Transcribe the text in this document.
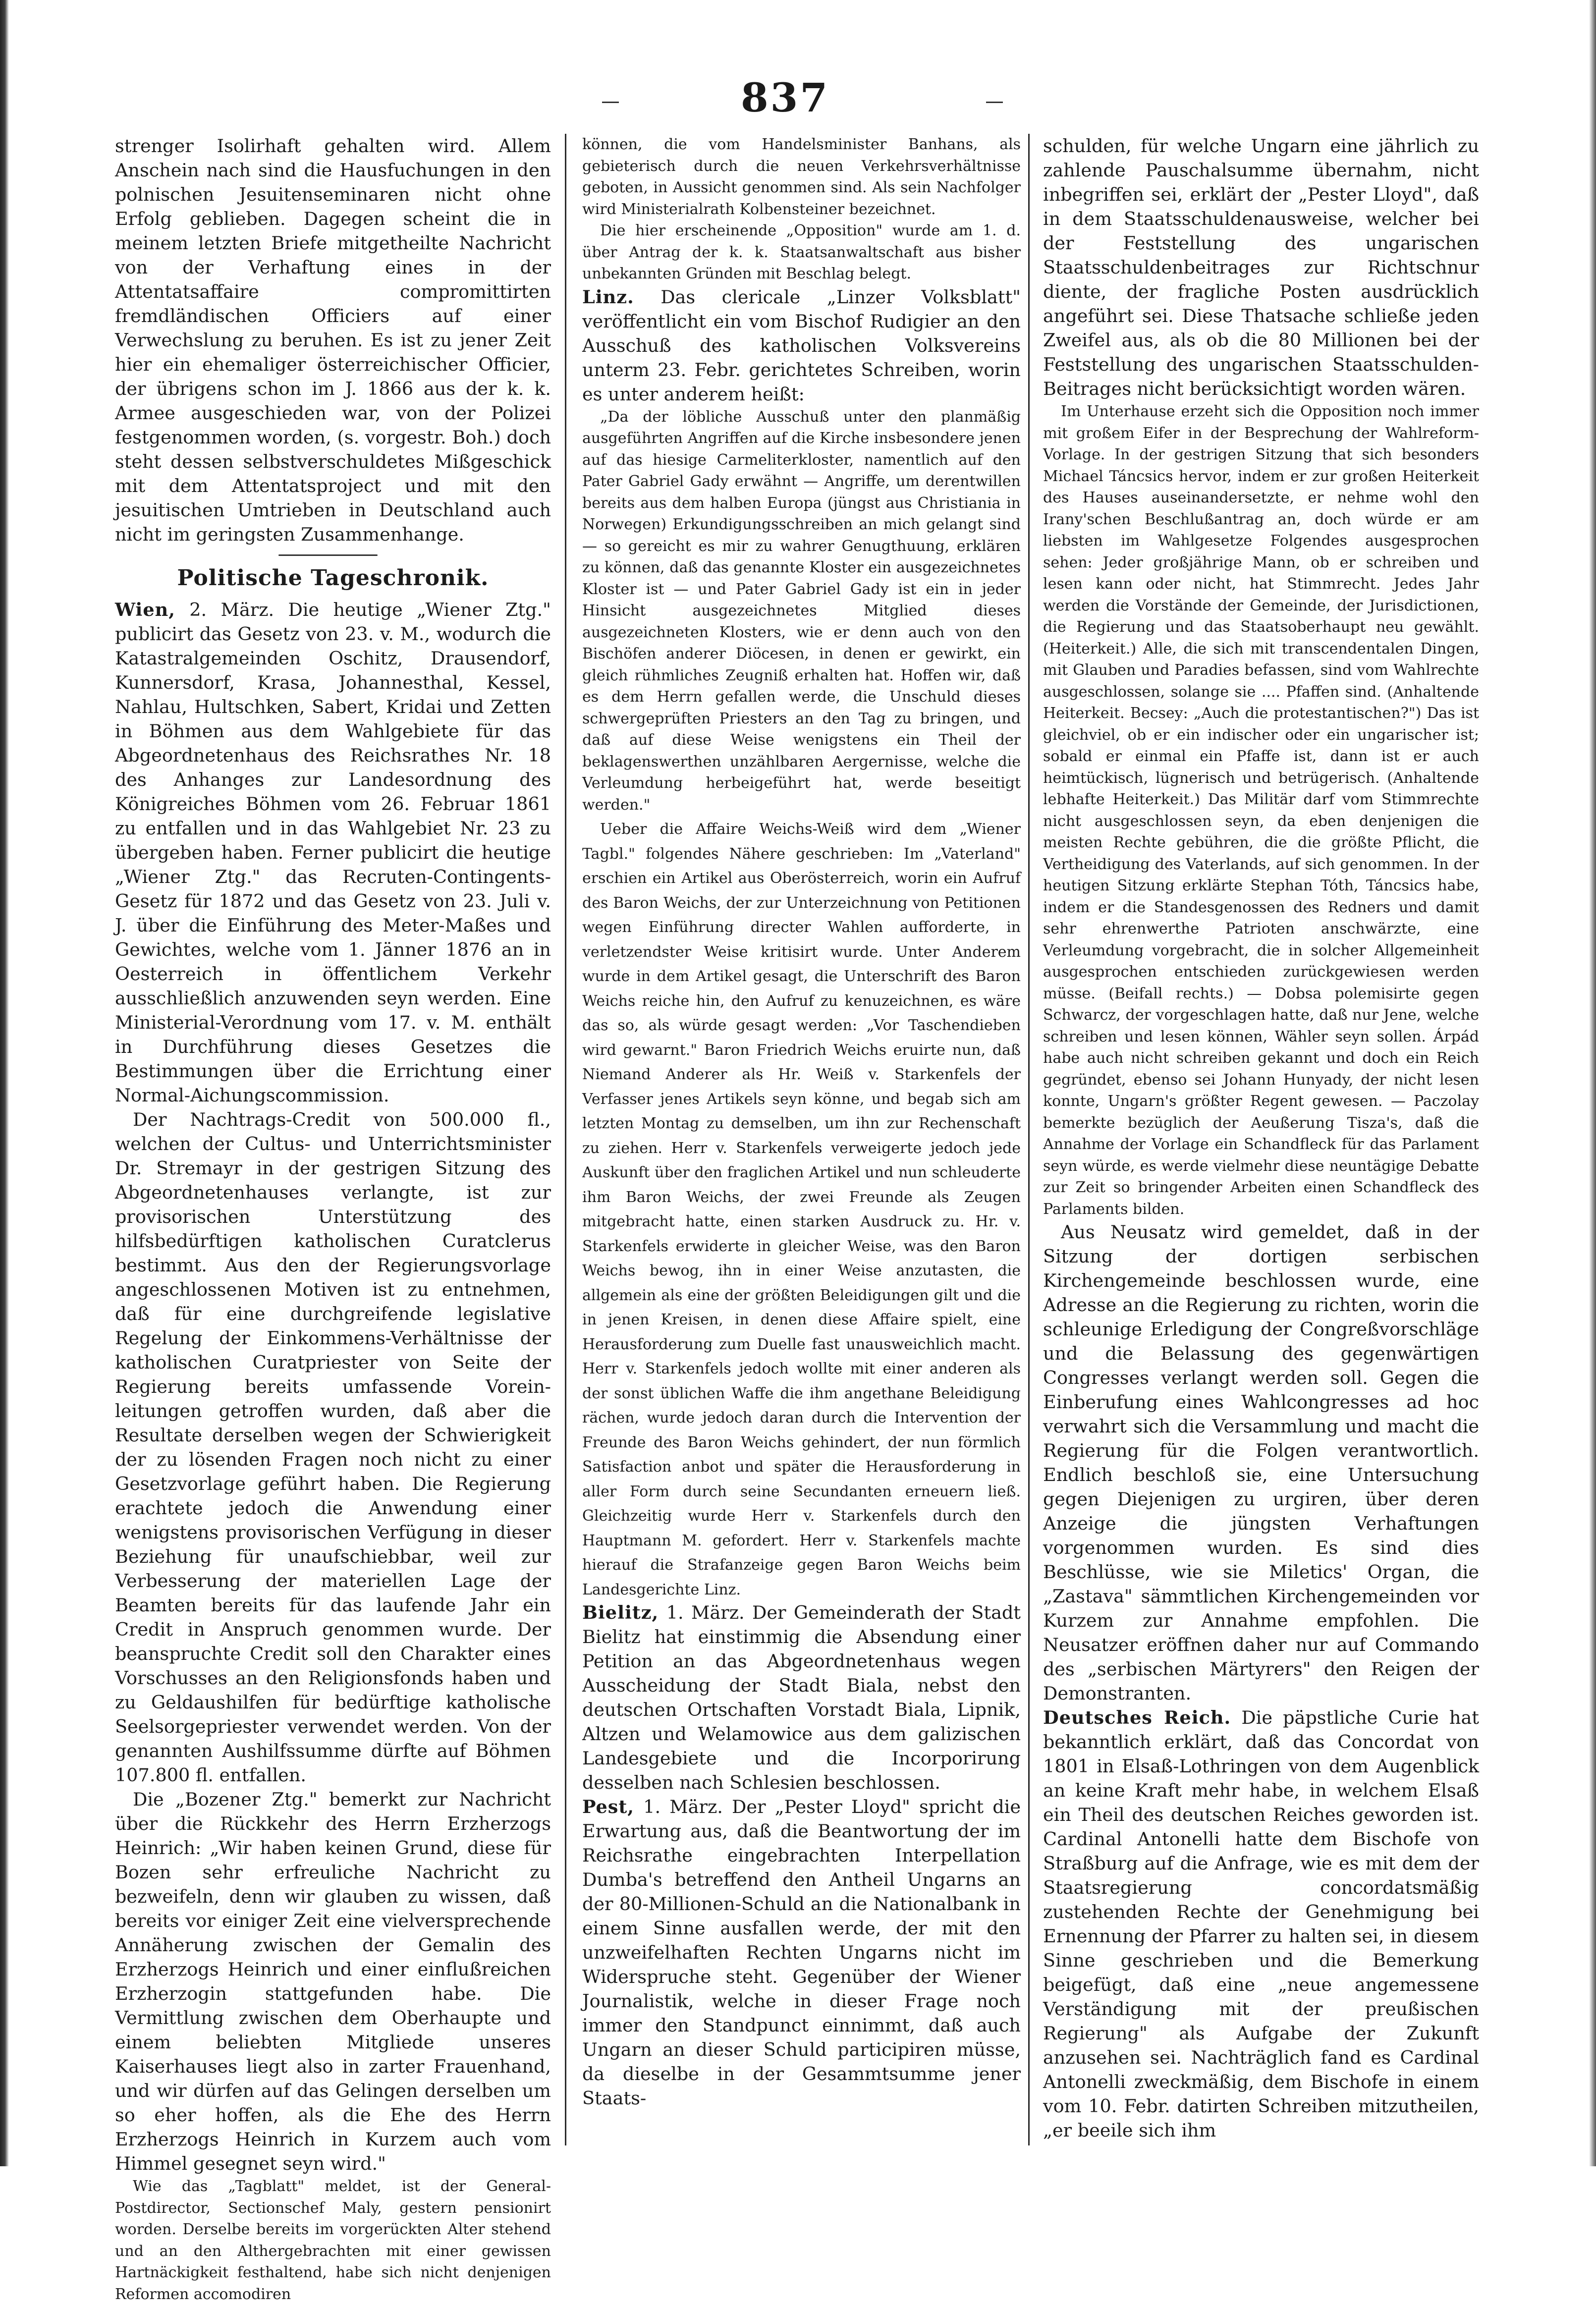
837

strenger Isolirhaft gehalten wird. Allem Anschein nach sind die Hausfuchungen in den polnischen Jesuitenseminaren nicht ohne Erfolg geblieben. Dagegen scheint die in meinem letzten Briefe mitgetheilte Nachricht von der Verhaftung eines in der Attentatsaffaire compromittirten fremdländischen Officiers auf einer Verwechslung zu beruhen. Es ist zu jener Zeit hier ein ehemaliger österreichischer Officier, der übrigens schon im J. 1866 aus der k. k. Armee ausgeschieden war, von der Polizei festgenommen worden, (s. vorgestr. Boh.) doch steht dessen selbstverschuldetes Mißgeschick mit dem Attentatsproject und mit den jesuitischen Umtrieben in Deutschland auch nicht im geringsten Zusammenhange.

Politische Tageschronik.

Wien, 2. März. Die heutige „Wiener Ztg." publicirt das Gesetz von 23. v. M., wodurch die Katastralgemeinden Oschitz, Drausendorf, Kunnersdorf, Krasa, Johannesthal, Kessel, Nahlau, Hultschken, Sabert, Kridai und Zetten in Böhmen aus dem Wahlgebiete für das Abgeordnetenhaus des Reichsrathes Nr. 18 des Anhanges zur Landesordnung des Königreiches Böhmen vom 26. Februar 1861 zu entfallen und in das Wahlgebiet Nr. 23 zu übergeben haben. Ferner publicirt die heutige „Wiener Ztg." das Recruten-Contingents-Gesetz für 1872 und das Gesetz von 23. Juli v. J. über die Einführung des Meter-Maßes und Gewichtes, welche vom 1. Jänner 1876 an in Oesterreich in öffentlichem Verkehr ausschließlich anzuwenden seyn werden. Eine Ministerial-Verordnung vom 17. v. M. enthält in Durchführung dieses Gesetzes die Bestimmungen über die Errichtung einer Normal-Aichungscommission.

Der Nachtrags-Credit von 500.000 fl., welchen der Cultus- und Unterrichtsminister Dr. Stremayr in der gestrigen Sitzung des Abgeordnetenhauses verlangte, ist zur provisorischen Unterstützung des hilfsbedürftigen katholischen Curatclerus bestimmt. Aus den der Regierungsvorlage angeschlossenen Motiven ist zu entnehmen, daß für eine durchgreifende legislative Regelung der Einkommens-Verhältnisse der katholischen Curatpriester von Seite der Regierung bereits umfassende Vorein-leitungen getroffen wurden, daß aber die Resultate derselben wegen der Schwierigkeit der zu lösenden Fragen noch nicht zu einer Gesetzvorlage geführt haben. Die Regierung erachtete jedoch die Anwendung einer wenigstens provisorischen Verfügung in dieser Beziehung für unaufschiebbar, weil zur Verbesserung der materiellen Lage der Beamten bereits für das laufende Jahr ein Credit in Anspruch genommen wurde. Der beanspruchte Credit soll den Charakter eines Vorschusses an den Religionsfonds haben und zu Geldaushilfen für bedürftige katholische Seelsorgepriester verwendet werden. Von der genannten Aushilfssumme dürfte auf Böhmen 107.800 fl. entfallen.

Die „Bozener Ztg." bemerkt zur Nachricht über die Rückkehr des Herrn Erzherzogs Heinrich: „Wir haben keinen Grund, diese für Bozen sehr erfreuliche Nachricht zu bezweifeln, denn wir glauben zu wissen, daß bereits vor einiger Zeit eine vielversprechende Annäherung zwischen der Gemalin des Erzherzogs Heinrich und einer einflußreichen Erzherzogin stattgefunden habe. Die Vermittlung zwischen dem Oberhaupte und einem beliebten Mitgliede unseres Kaiserhauses liegt also in zarter Frauenhand, und wir dürfen auf das Gelingen derselben um so eher hoffen, als die Ehe des Herrn Erzherzogs Heinrich in Kurzem auch vom Himmel gesegnet seyn wird."

Wie das „Tagblatt" meldet, ist der General-Postdirector, Sectionschef Maly, gestern pensionirt worden. Derselbe bereits im vorgerückten Alter stehend und an den Althergebrachten mit einer gewissen Hartnäckigkeit festhaltend, habe sich nicht denjenigen Reformen accomodiren

können, die vom Handelsminister Banhans, als gebieterisch durch die neuen Verkehrsverhältnisse geboten, in Aussicht genommen sind. Als sein Nachfolger wird Ministerialrath Kolbensteiner bezeichnet.

Die hier erscheinende „Opposition" wurde am 1. d. über Antrag der k. k. Staatsanwaltschaft aus bisher unbekannten Gründen mit Beschlag belegt.

Linz. Das clericale „Linzer Volksblatt" veröffentlicht ein vom Bischof Rudigier an den Ausschuß des katholischen Volksvereins unterm 23. Febr. gerichtetes Schreiben, worin es unter anderem heißt:

„Da der löbliche Ausschuß unter den planmäßig ausgeführten Angriffen auf die Kirche insbesondere jenen auf das hiesige Carmeliterkloster, namentlich auf den Pater Gabriel Gady erwähnt — Angriffe, um derentwillen bereits aus dem halben Europa (jüngst aus Christiania in Norwegen) Erkundigungsschreiben an mich gelangt sind — so gereicht es mir zu wahrer Genugthuung, erklären zu können, daß das genannte Kloster ein ausgezeichnetes Kloster ist — und Pater Gabriel Gady ist ein in jeder Hinsicht ausgezeichnetes Mitglied dieses ausgezeichneten Klosters, wie er denn auch von den Bischöfen anderer Diöcesen, in denen er gewirkt, ein gleich rühmliches Zeugniß erhalten hat. Hoffen wir, daß es dem Herrn gefallen werde, die Unschuld dieses schwergeprüften Priesters an den Tag zu bringen, und daß auf diese Weise wenigstens ein Theil der beklagenswerthen unzählbaren Aergernisse, welche die Verleumdung herbeigeführt hat, werde beseitigt werden."

Ueber die Affaire Weichs-Weiß wird dem „Wiener Tagbl." folgendes Nähere geschrieben: Im „Vaterland" erschien ein Artikel aus Oberösterreich, worin ein Aufruf des Baron Weichs, der zur Unterzeichnung von Petitionen wegen Einführung directer Wahlen aufforderte, in verletzendster Weise kritisirt wurde. Unter Anderem wurde in dem Artikel gesagt, die Unterschrift des Baron Weichs reiche hin, den Aufruf zu kenuzeichnen, es wäre das so, als würde gesagt werden: „Vor Taschendieben wird gewarnt." Baron Friedrich Weichs eruirte nun, daß Niemand Anderer als Hr. Weiß v. Starkenfels der Verfasser jenes Artikels seyn könne, und begab sich am letzten Montag zu demselben, um ihn zur Rechenschaft zu ziehen. Herr v. Starkenfels verweigerte jedoch jede Auskunft über den fraglichen Artikel und nun schleuderte ihm Baron Weichs, der zwei Freunde als Zeugen mitgebracht hatte, einen starken Ausdruck zu. Hr. v. Starkenfels erwiderte in gleicher Weise, was den Baron Weichs bewog, ihn in einer Weise anzutasten, die allgemein als eine der größten Beleidigungen gilt und die in jenen Kreisen, in denen diese Affaire spielt, eine Herausforderung zum Duelle fast unausweichlich macht. Herr v. Starkenfels jedoch wollte mit einer anderen als der sonst üblichen Waffe die ihm angethane Beleidigung rächen, wurde jedoch daran durch die Intervention der Freunde des Baron Weichs gehindert, der nun förmlich Satisfaction anbot und später die Herausforderung in aller Form durch seine Secundanten erneuern ließ. Gleichzeitig wurde Herr v. Starkenfels durch den Hauptmann M. gefordert. Herr v. Starkenfels machte hierauf die Strafanzeige gegen Baron Weichs beim Landesgerichte Linz.

Bielitz, 1. März. Der Gemeinderath der Stadt Bielitz hat einstimmig die Absendung einer Petition an das Abgeordnetenhaus wegen Ausscheidung der Stadt Biala, nebst den deutschen Ortschaften Vorstadt Biala, Lipnik, Altzen und Welamowice aus dem galizischen Landesgebiete und die Incorporirung desselben nach Schlesien beschlossen.

Pest, 1. März. Der „Pester Lloyd" spricht die Erwartung aus, daß die Beantwortung der im Reichsrathe eingebrachten Interpellation Dumba's betreffend den Antheil Ungarns an der 80-Millionen-Schuld an die Nationalbank in einem Sinne ausfallen werde, der mit den unzweifelhaften Rechten Ungarns nicht im Widerspruche steht. Gegenüber der Wiener Journalistik, welche in dieser Frage noch immer den Standpunct einnimmt, daß auch Ungarn an dieser Schuld participiren müsse, da dieselbe in der Gesammtsumme jener Staats-

schulden, für welche Ungarn eine jährlich zu zahlende Pauschalsumme übernahm, nicht inbegriffen sei, erklärt der „Pester Lloyd", daß in dem Staatsschuldenausweise, welcher bei der Feststellung des ungarischen Staatsschuldenbeitrages zur Richtschnur diente, der fragliche Posten ausdrücklich angeführt sei. Diese Thatsache schließe jeden Zweifel aus, als ob die 80 Millionen bei der Feststellung des ungarischen Staatsschulden-Beitrages nicht berücksichtigt worden wären.

Im Unterhause erzeht sich die Opposition noch immer mit großem Eifer in der Besprechung der Wahlreform-Vorlage. In der gestrigen Sitzung that sich besonders Michael Táncsics hervor, indem er zur großen Heiterkeit des Hauses auseinandersetzte, er nehme wohl den Irany'schen Beschlußantrag an, doch würde er am liebsten im Wahlgesetze Folgendes ausgesprochen sehen: Jeder großjährige Mann, ob er schreiben und lesen kann oder nicht, hat Stimmrecht. Jedes Jahr werden die Vorstände der Gemeinde, der Jurisdictionen, die Regierung und das Staatsoberhaupt neu gewählt. (Heiterkeit.) Alle, die sich mit transcendentalen Dingen, mit Glauben und Paradies befassen, sind vom Wahlrechte ausgeschlossen, solange sie .... Pfaffen sind. (Anhaltende Heiterkeit. Becsey: „Auch die protestantischen?") Das ist gleichviel, ob er ein indischer oder ein ungarischer ist; sobald er einmal ein Pfaffe ist, dann ist er auch heimtückisch, lügnerisch und betrügerisch. (Anhaltende lebhafte Heiterkeit.) Das Militär darf vom Stimmrechte nicht ausgeschlossen seyn, da eben denjenigen die meisten Rechte gebühren, die die größte Pflicht, die Vertheidigung des Vaterlands, auf sich genommen. In der heutigen Sitzung erklärte Stephan Tóth, Táncsics habe, indem er die Standesgenossen des Redners und damit sehr ehrenwerthe Patrioten anschwärzte, eine Verleumdung vorgebracht, die in solcher Allgemeinheit ausgesprochen entschieden zurückgewiesen werden müsse. (Beifall rechts.) — Dobsa polemisirte gegen Schwarcz, der vorgeschlagen hatte, daß nur Jene, welche schreiben und lesen können, Wähler seyn sollen. Árpád habe auch nicht schreiben gekannt und doch ein Reich gegründet, ebenso sei Johann Hunyady, der nicht lesen konnte, Ungarn's größter Regent gewesen. — Paczolay bemerkte bezüglich der Aeußerung Tisza's, daß die Annahme der Vorlage ein Schandfleck für das Parlament seyn würde, es werde vielmehr diese neuntägige Debatte zur Zeit so bringender Arbeiten einen Schandfleck des Parlaments bilden.

Aus Neusatz wird gemeldet, daß in der Sitzung der dortigen serbischen Kirchengemeinde beschlossen wurde, eine Adresse an die Regierung zu richten, worin die schleunige Erledigung der Congreßvorschläge und die Belassung des gegenwärtigen Congresses verlangt werden soll. Gegen die Einberufung eines Wahlcongresses ad hoc verwahrt sich die Versammlung und macht die Regierung für die Folgen verantwortlich. Endlich beschloß sie, eine Untersuchung gegen Diejenigen zu urgiren, über deren Anzeige die jüngsten Verhaftungen vorgenommen wurden. Es sind dies Beschlüsse, wie sie Miletics' Organ, die „Zastava" sämmtlichen Kirchengemeinden vor Kurzem zur Annahme empfohlen. Die Neusatzer eröffnen daher nur auf Commando des „serbischen Märtyrers" den Reigen der Demonstranten.

Deutsches Reich. Die päpstliche Curie hat bekanntlich erklärt, daß das Concordat von 1801 in Elsaß-Lothringen von dem Augenblick an keine Kraft mehr habe, in welchem Elsaß ein Theil des deutschen Reiches geworden ist. Cardinal Antonelli hatte dem Bischofe von Straßburg auf die Anfrage, wie es mit dem der Staatsregierung concordatsmäßig zustehenden Rechte der Genehmigung bei Ernennung der Pfarrer zu halten sei, in diesem Sinne geschrieben und die Bemerkung beigefügt, daß eine „neue angemessene Verständigung mit der preußischen Regierung" als Aufgabe der Zukunft anzusehen sei. Nachträglich fand es Cardinal Antonelli zweckmäßig, dem Bischofe in einem vom 10. Febr. datirten Schreiben mitzutheilen, „er beeile sich ihm
